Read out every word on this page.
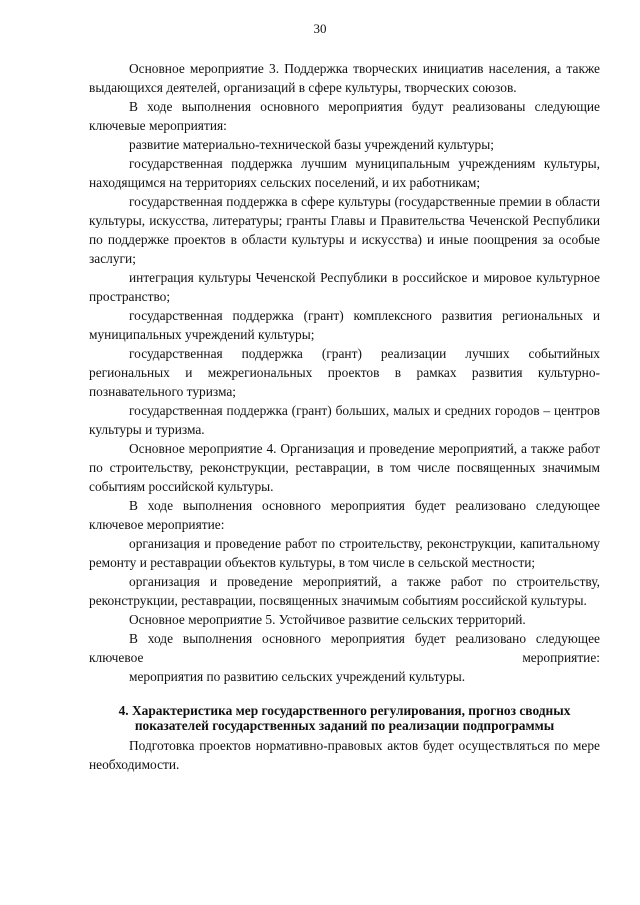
30

Основное мероприятие 3. Поддержка творческих инициатив населения, а также выдающихся деятелей, организаций в сфере культуры, творческих союзов.

В ходе выполнения основного мероприятия будут реализованы следующие ключевые мероприятия:

развитие материально-технической базы учреждений культуры;

государственная поддержка лучшим муниципальным учреждениям культуры, находящимся на территориях сельских поселений, и их работникам;

государственная поддержка в сфере культуры (государственные премии в области культуры, искусства, литературы; гранты Главы и Правительства Чеченской Республики по поддержке проектов в области культуры и искусства) и иные поощрения за особые заслуги;

интеграция культуры Чеченской Республики в российское и мировое культурное пространство;

государственная поддержка (грант) комплексного развития региональных и муниципальных учреждений культуры;

государственная поддержка (грант) реализации лучших событийных региональных и межрегиональных проектов в рамках развития культурно-познавательного туризма;

государственная поддержка (грант) больших, малых и средних городов – центров культуры и туризма.

Основное мероприятие 4. Организация и проведение мероприятий, а также работ по строительству, реконструкции, реставрации, в том числе посвященных значимым событиям российской культуры.

В ходе выполнения основного мероприятия будет реализовано следующее ключевое мероприятие:

организация и проведение работ по строительству, реконструкции, капитальному ремонту и реставрации объектов культуры, в том числе в сельской местности;

организация и проведение мероприятий, а также работ по строительству, реконструкции, реставрации, посвященных значимым событиям российской культуры.

Основное мероприятие 5. Устойчивое развитие сельских территорий.

В ходе выполнения основного мероприятия будет реализовано следующее ключевое мероприятие:

мероприятия по развитию сельских учреждений культуры.

4. Характеристика мер государственного регулирования, прогноз сводных показателей государственных заданий по реализации подпрограммы

Подготовка проектов нормативно-правовых актов будет осуществляться по мере необходимости.
